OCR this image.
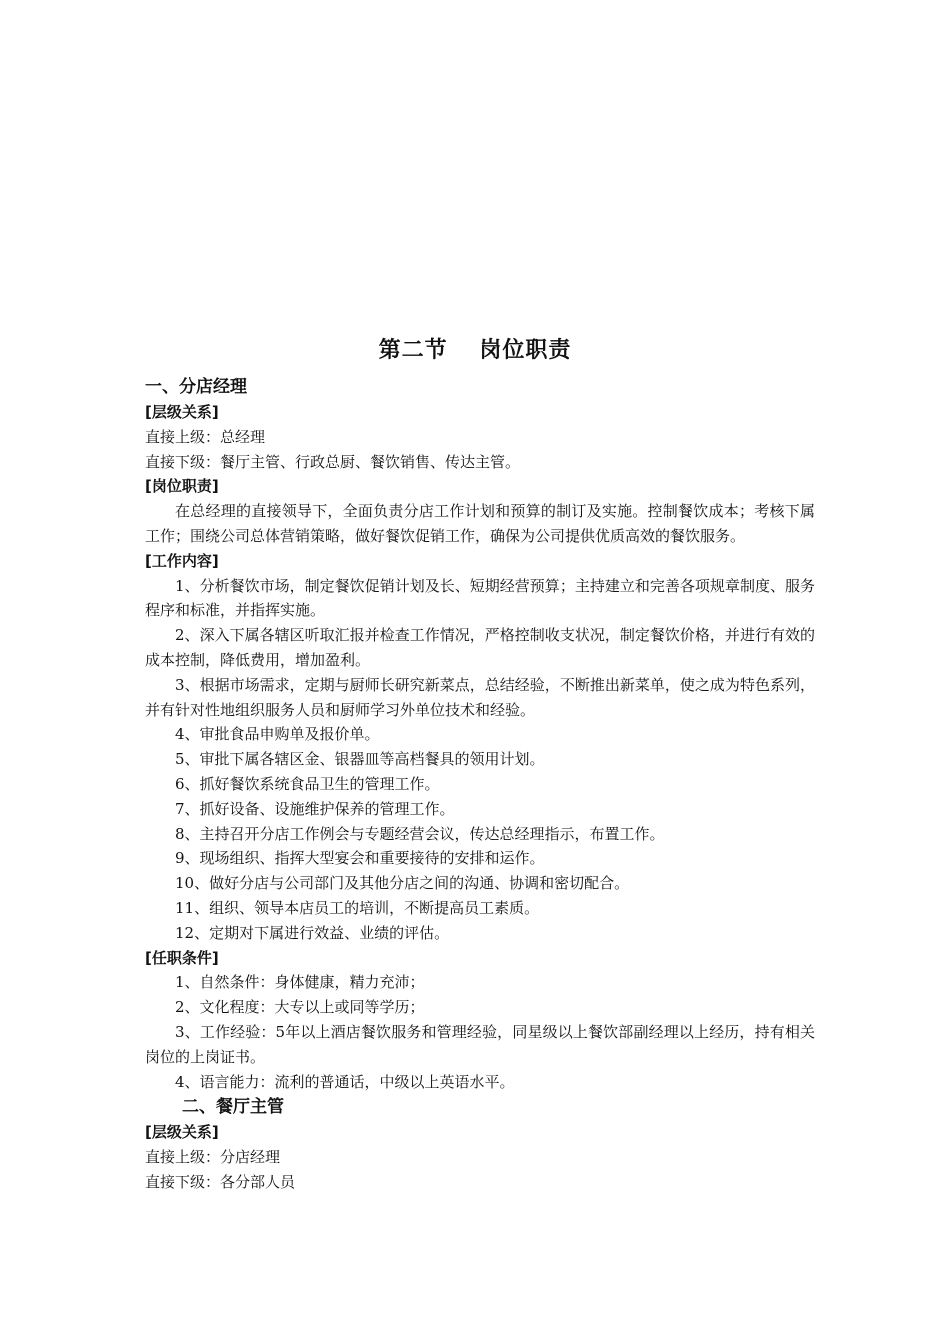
第二节　 岗位职责
一、分店经理
[层级关系]
直接上级：总经理
直接下级：餐厅主管、行政总厨、餐饮销售、传达主管。
[岗位职责]
在总经理的直接领导下，全面负责分店工作计划和预算的制订及实施。控制餐饮成本；考核下属工作；围绕公司总体营销策略，做好餐饮促销工作，确保为公司提供优质高效的餐饮服务。
[工作内容]
1、分析餐饮市场，制定餐饮促销计划及长、短期经营预算；主持建立和完善各项规章制度、服务程序和标准，并指挥实施。
2、深入下属各辖区听取汇报并检查工作情况，严格控制收支状况，制定餐饮价格，并进行有效的成本控制，降低费用，增加盈利。
3、根据市场需求，定期与厨师长研究新菜点，总结经验，不断推出新菜单，使之成为特色系列，并有针对性地组织服务人员和厨师学习外单位技术和经验。
4、审批食品申购单及报价单。
5、审批下属各辖区金、银器皿等高档餐具的领用计划。
6、抓好餐饮系统食品卫生的管理工作。
7、抓好设备、设施维护保养的管理工作。
8、主持召开分店工作例会与专题经营会议，传达总经理指示，布置工作。
9、现场组织、指挥大型宴会和重要接待的安排和运作。
10、做好分店与公司部门及其他分店之间的沟通、协调和密切配合。
11、组织、领导本店员工的培训，不断提高员工素质。
12、定期对下属进行效益、业绩的评估。
[任职条件]
1、自然条件：身体健康，精力充沛；
2、文化程度：大专以上或同等学历；
3、工作经验：5年以上酒店餐饮服务和管理经验，同星级以上餐饮部副经理以上经历，持有相关岗位的上岗证书。
4、语言能力：流利的普通话，中级以上英语水平。
二、餐厅主管
[层级关系]
直接上级：分店经理
直接下级：各分部人员
